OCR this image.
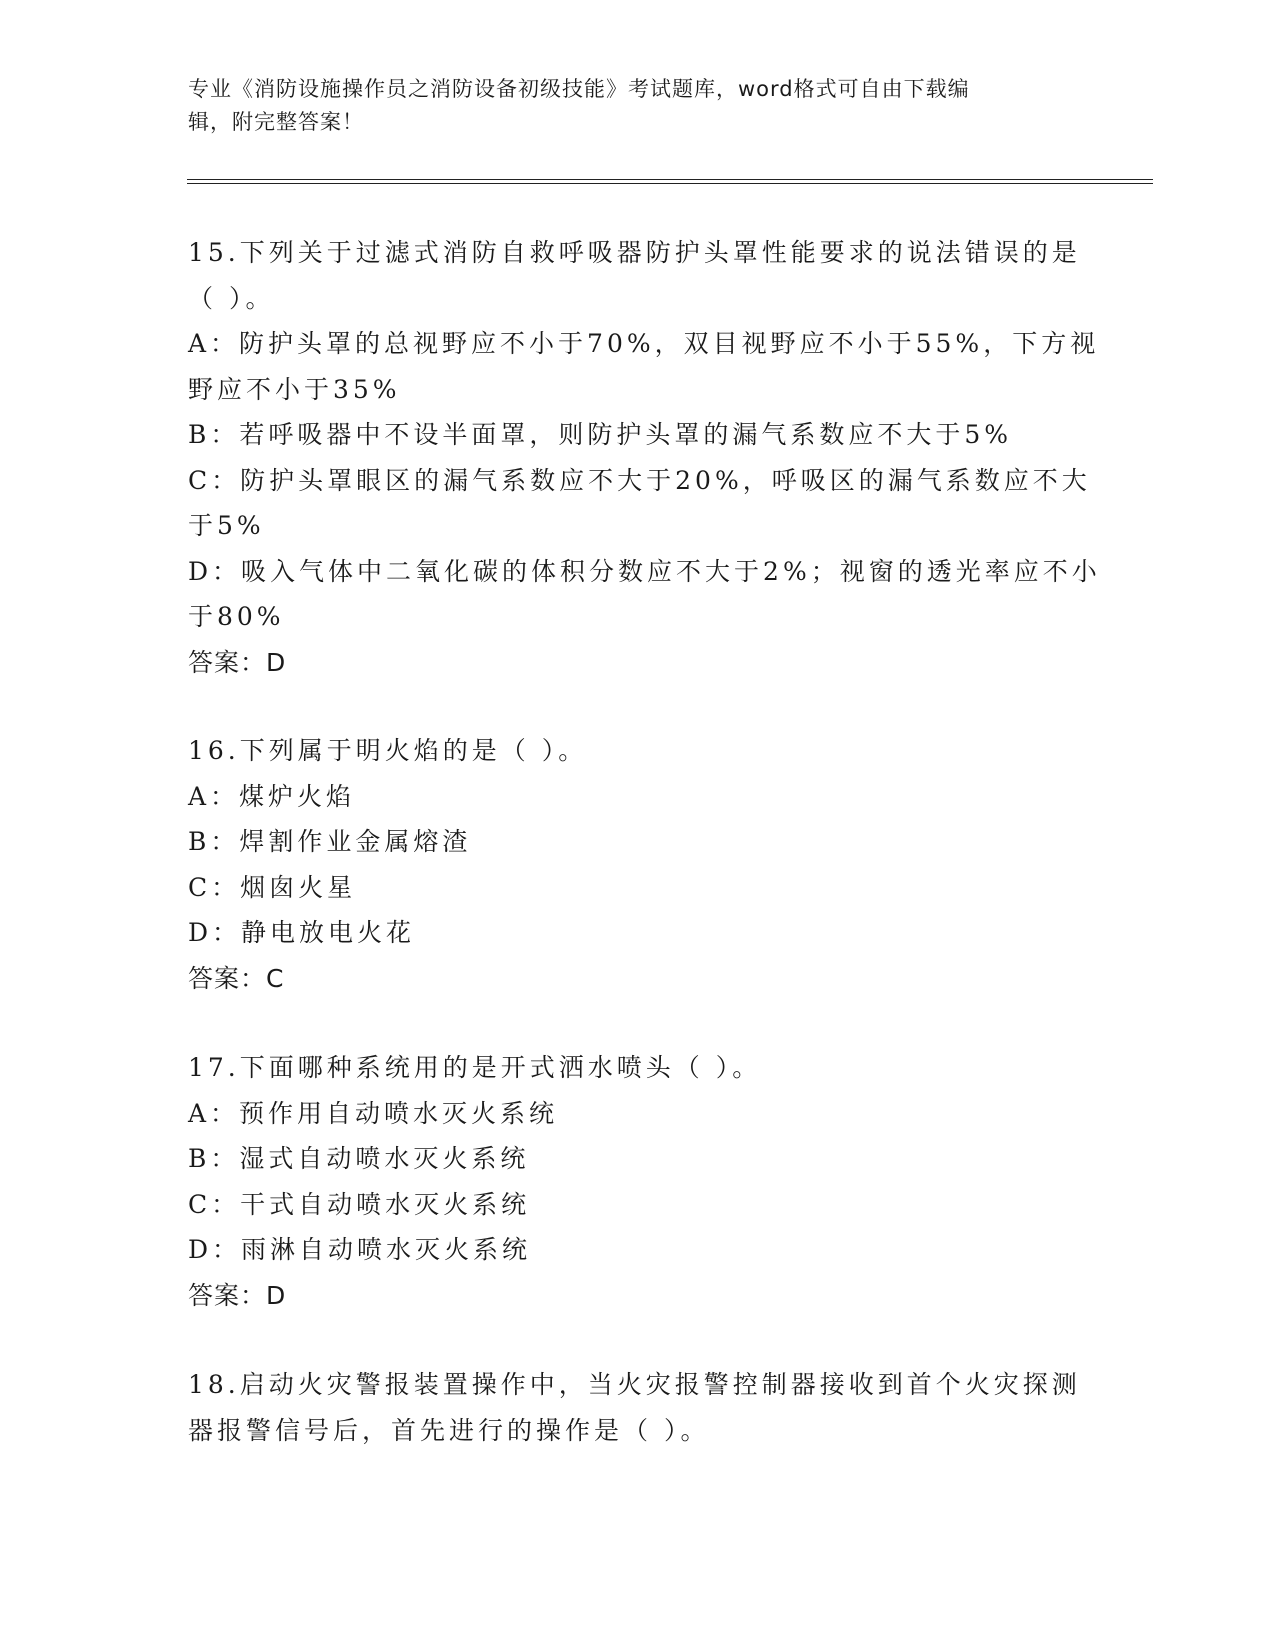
专业《消防设施操作员之消防设备初级技能》考试题库，word格式可自由下载编
辑，附完整答案！
15.下列关于过滤式消防自救呼吸器防护头罩性能要求的说法错误的是
（ ）。
A：防护头罩的总视野应不小于70%，双目视野应不小于55%，下方视
野应不小于35%
B：若呼吸器中不设半面罩，则防护头罩的漏气系数应不大于5%
C：防护头罩眼区的漏气系数应不大于20%，呼吸区的漏气系数应不大
于5%
D：吸入气体中二氧化碳的体积分数应不大于2%；视窗的透光率应不小
于80%
答案：D
16.下列属于明火焰的是（ ）。
A：煤炉火焰
B：焊割作业金属熔渣
C：烟囱火星
D：静电放电火花
答案：C
17.下面哪种系统用的是开式洒水喷头（ ）。
A：预作用自动喷水灭火系统
B：湿式自动喷水灭火系统
C：干式自动喷水灭火系统
D：雨淋自动喷水灭火系统
答案：D
18.启动火灾警报装置操作中，当火灾报警控制器接收到首个火灾探测
器报警信号后，首先进行的操作是（ ）。
